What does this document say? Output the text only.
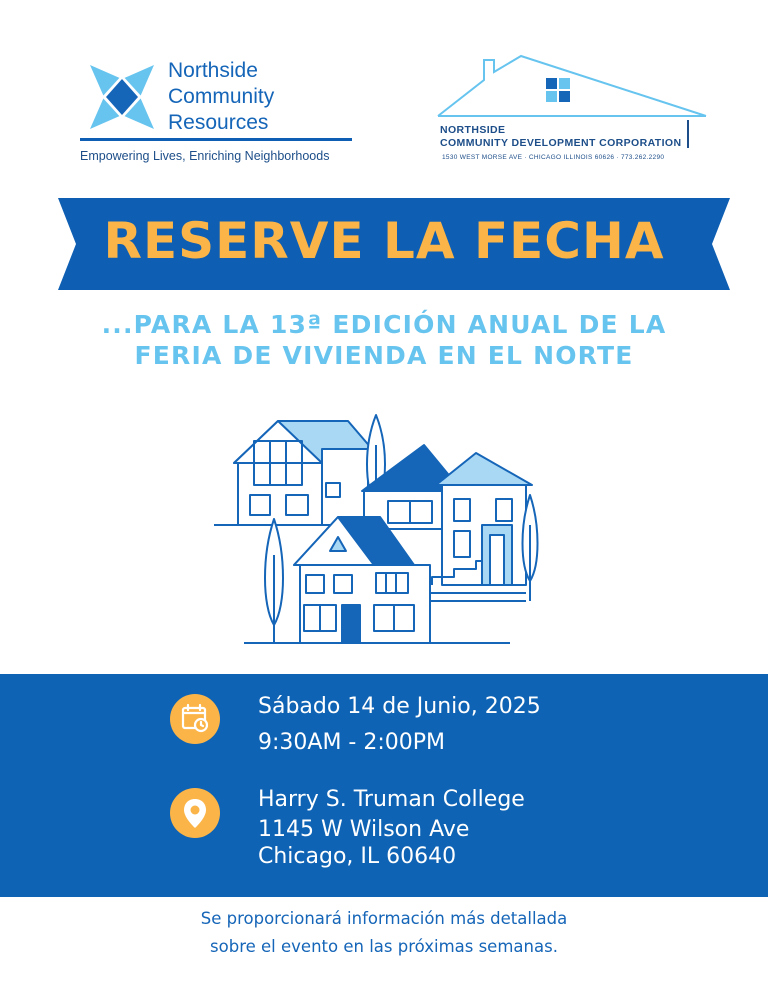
Northside
Community
Resources
Empowering Lives, Enriching Neighborhoods
NORTHSIDE
COMMUNITY DEVELOPMENT CORPORATION
1530 WEST MORSE AVE · CHICAGO ILLINOIS 60626 · 773.262.2290
RESERVE LA FECHA
...PARA LA 13ª EDICIÓN ANUAL DE LA
FERIA DE VIVIENDA EN EL NORTE
Sábado 14 de Junio, 2025
9:30AM - 2:00PM
Harry S. Truman College
1145 W Wilson Ave
Chicago, IL 60640
Se proporcionará información más detallada
sobre el evento en las próximas semanas.
